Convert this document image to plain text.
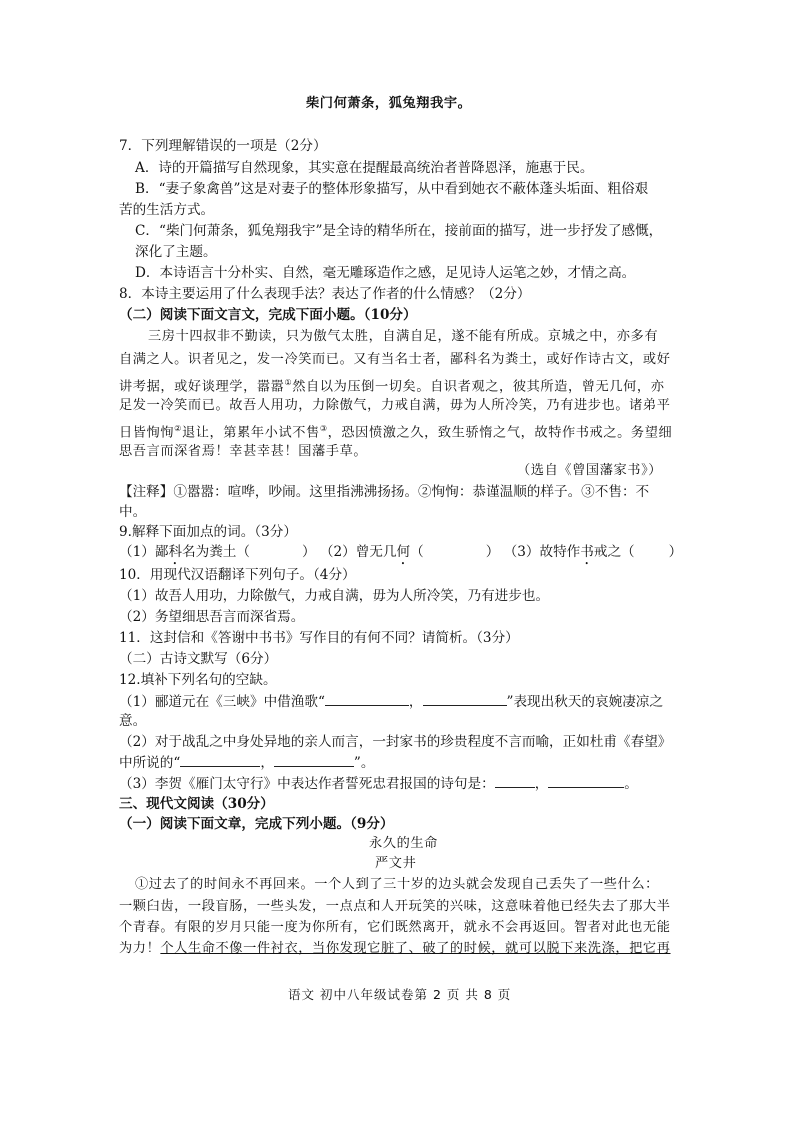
柴门何萧条，狐兔翔我宇。
7．下列理解错误的一项是（2分）
A．诗的开篇描写自然现象，其实意在提醒最高统治者普降恩泽，施惠于民。
B．“妻子象禽兽”这是对妻子的整体形象描写，从中看到她衣不蔽体蓬头垢面、粗俗艰
苦的生活方式。
C．“柴门何萧条，狐兔翔我宇”是全诗的精华所在，接前面的描写，进一步抒发了感慨，
深化了主题。
D．本诗语言十分朴实、自然，毫无雕琢造作之感，足见诗人运笔之妙，才情之高。
8．本诗主要运用了什么表现手法？表达了作者的什么情感？（2分）
（二）阅读下面文言文，完成下面小题。（10分）
三房十四叔非不勤读，只为傲气太胜，自满自足，遂不能有所成。京城之中，亦多有
自满之人。识者见之，发一冷笑而已。又有当名士者，鄙科名为粪土，或好作诗古文，或好
讲考据，或好谈理学，嚣嚣①然自以为压倒一切矣。自识者观之，彼其所造，曾无几何，亦
足发一冷笑而已。故吾人用功，力除傲气，力戒自满，毋为人所冷笑，乃有进步也。诸弟平
日皆恂恂②退让，第累年小试不售③，恐因愤激之久，致生骄惰之气，故特作书戒之。务望细
思吾言而深省焉！幸甚幸甚！国藩手草。
（选自《曾国藩家书》）
【注释】①嚣嚣：喧哗，吵闹。这里指沸沸扬扬。②恂恂：恭谨温顺的样子。③不售：不
中。
9.解释下面加点的词。（3分）
（1）鄙科名为粪土（	） （2）曾无几何（	） （3）故特作书戒之（	）
10．用现代汉语翻译下列句子。（4分）
（1）故吾人用功，力除傲气，力戒自满，毋为人所冷笑，乃有进步也。
（2）务望细思吾言而深省焉。
11．这封信和《答谢中书书》写作目的有何不同？请简析。（3分）
（二）古诗文默写（6分）
12.填补下列名句的空缺。
（1）郦道元在《三峡》中借渔歌“	，	”表现出秋天的哀婉凄凉之
意。
（2）对于战乱之中身处异地的亲人而言，一封家书的珍贵程度不言而喻，正如杜甫《春望》
中所说的“	，	”。
（3）李贺《雁门太守行》中表达作者誓死忠君报国的诗句是：	，	。
三、现代文阅读（30分）
（一）阅读下面文章，完成下列小题。（9分）
永久的生命
严文井
①过去了的时间永不再回来。一个人到了三十岁的边头就会发现自己丢失了一些什么：
一颗臼齿，一段盲肠，一些头发，一点点和人开玩笑的兴味，这意味着他已经失去了那大半
个青春。有限的岁月只能一度为你所有，它们既然离开，就永不会再返回。智者对此也无能
为力！个人生命不像一件衬衣，当你发现它脏了、破了的时候，就可以脱下来洗涤，把它再
语文 初中八年级试卷第 2 页 共 8 页
